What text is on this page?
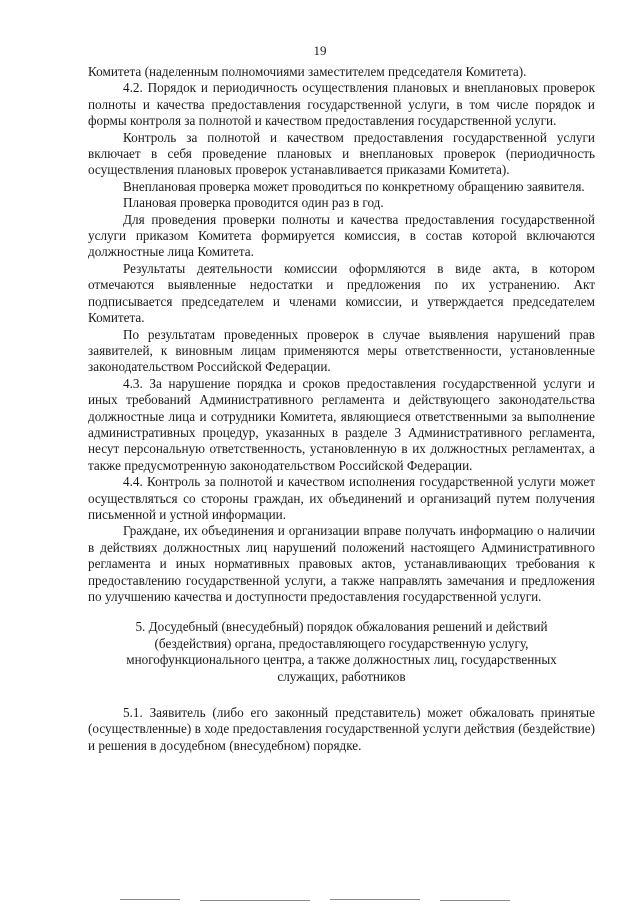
19

Комитета (наделенным полномочиями заместителем председателя Комитета).

4.2. Порядок и периодичность осуществления плановых и внеплановых проверок полноты и качества предоставления государственной услуги, в том числе порядок и формы контроля за полнотой и качеством предоставления государственной услуги.

Контроль за полнотой и качеством предоставления государственной услуги включает в себя проведение плановых и внеплановых проверок (периодичность осуществления плановых проверок устанавливается приказами Комитета).

Внеплановая проверка может проводиться по конкретному обращению заявителя.

Плановая проверка проводится один раз в год.

Для проведения проверки полноты и качества предоставления государственной услуги приказом Комитета формируется комиссия, в состав которой включаются должностные лица Комитета.

Результаты деятельности комиссии оформляются в виде акта, в котором отмечаются выявленные недостатки и предложения по их устранению. Акт подписывается председателем и членами комиссии, и утверждается председателем Комитета.

По результатам проведенных проверок в случае выявления нарушений прав заявителей, к виновным лицам применяются меры ответственности, установленные законодательством Российской Федерации.

4.3. За нарушение порядка и сроков предоставления государственной услуги и иных требований Административного регламента и действующего законодательства должностные лица и сотрудники Комитета, являющиеся ответственными за выполнение административных процедур, указанных в разделе 3 Административного регламента, несут персональную ответственность, установленную в их должностных регламентах, а также предусмотренную законодательством Российской Федерации.

4.4. Контроль за полнотой и качеством исполнения государственной услуги может осуществляться со стороны граждан, их объединений и организаций путем получения письменной и устной информации.

Граждане, их объединения и организации вправе получать информацию о наличии в действиях должностных лиц нарушений положений настоящего Административного регламента и иных нормативных правовых актов, устанавливающих требования к предоставлению государственной услуги, а также направлять замечания и предложения по улучшению качества и доступности предоставления государственной услуги.

5. Досудебный (внесудебный) порядок обжалования решений и действий (бездействия) органа, предоставляющего государственную услугу, многофункционального центра, а также должностных лиц, государственных служащих, работников

5.1. Заявитель (либо его законный представитель) может обжаловать принятые (осуществленные) в ходе предоставления государственной услуги действия (бездействие) и решения в досудебном (внесудебном) порядке.
